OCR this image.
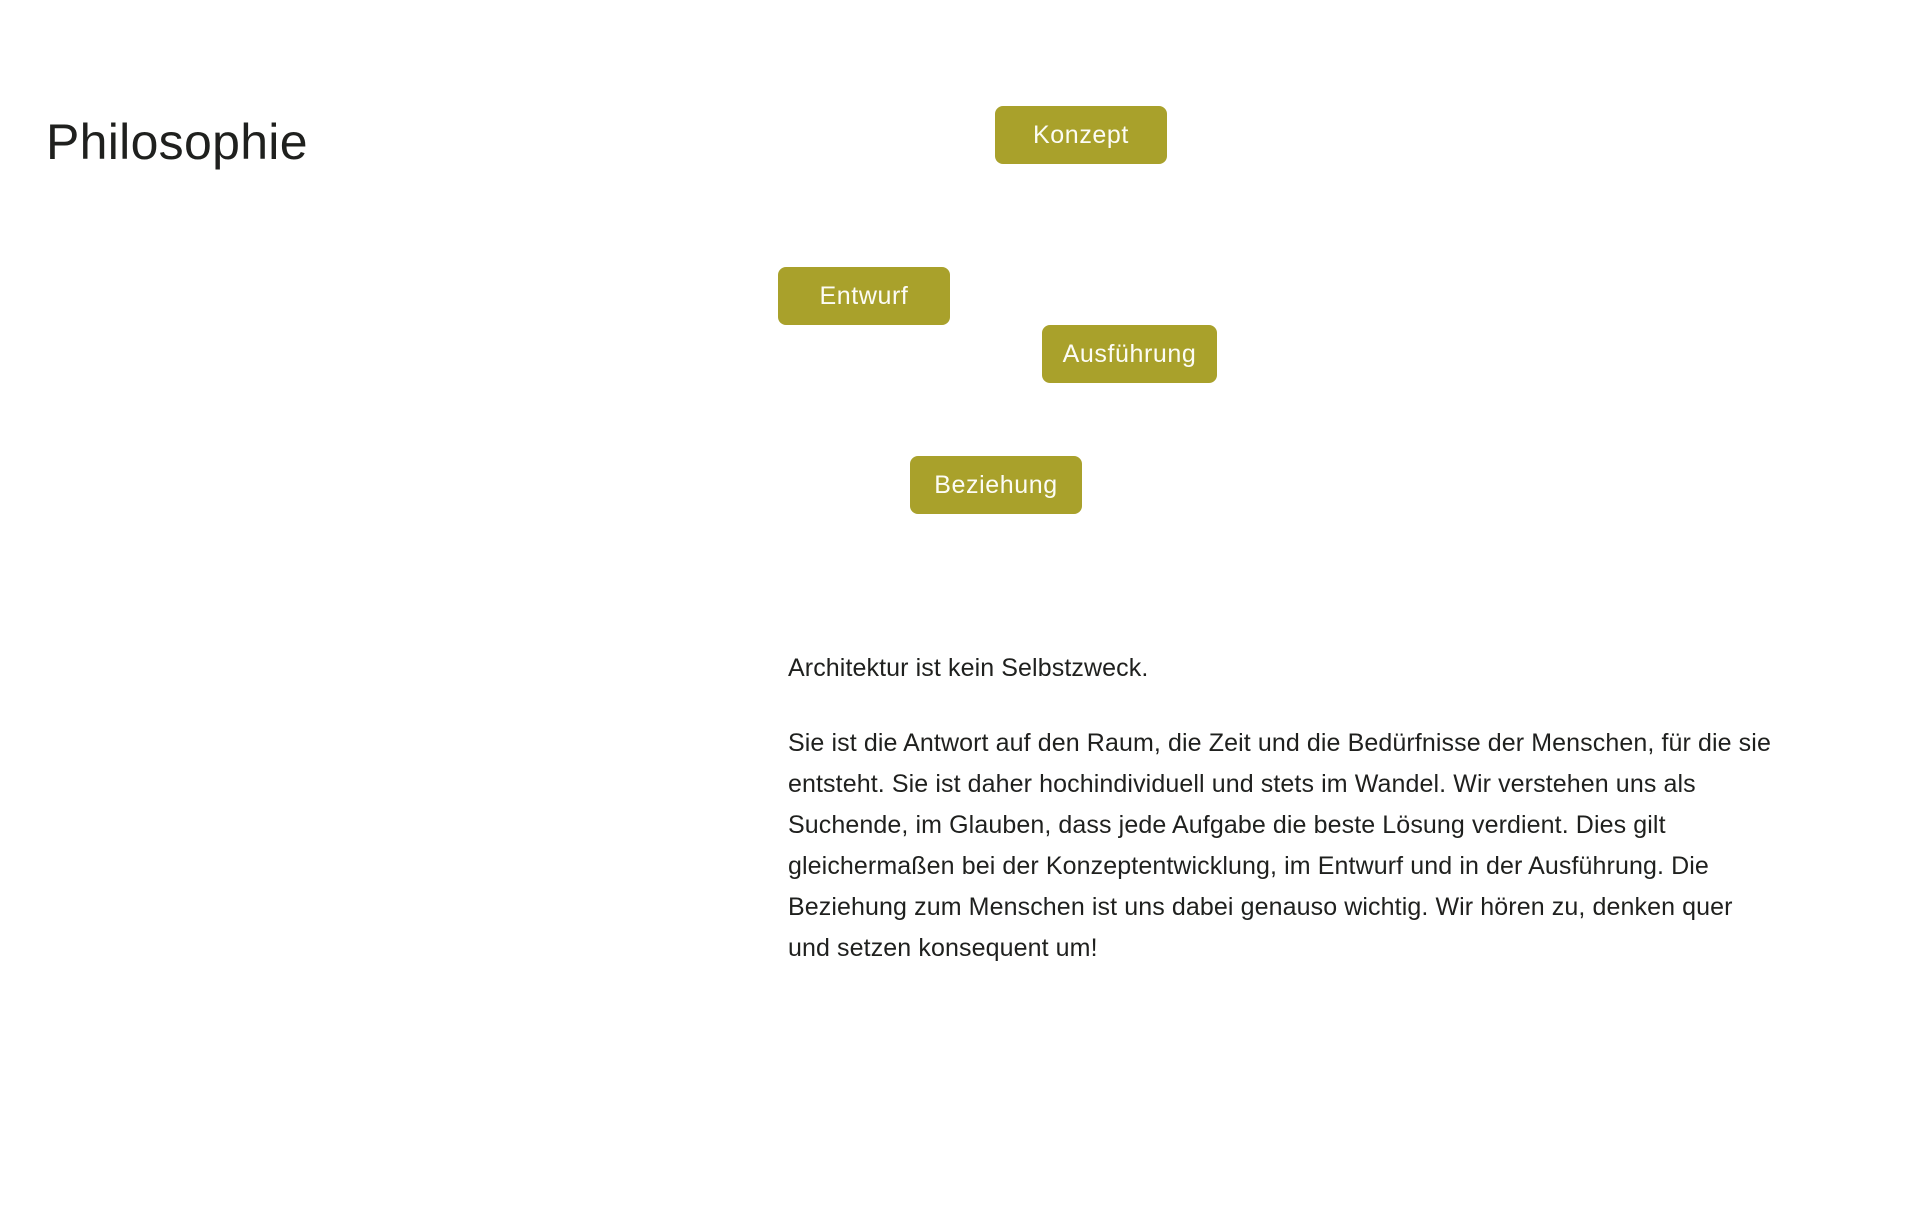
Philosophie	Konzept
Entwurf
Ausführung
Beziehung

Architektur ist kein Selbstzweck.

Sie ist die Antwort auf den Raum, die Zeit und die Bedürfnisse der Menschen, für die sie entsteht. Sie ist daher hochindividuell und stets im Wandel. Wir verstehen uns als Suchende, im Glauben, dass jede Aufgabe die beste Lösung verdient. Dies gilt gleichermaßen bei der Konzeptentwicklung, im Entwurf und in der Ausführung. Die Beziehung zum Menschen ist uns dabei genauso wichtig. Wir hören zu, denken quer und setzen konsequent um!
